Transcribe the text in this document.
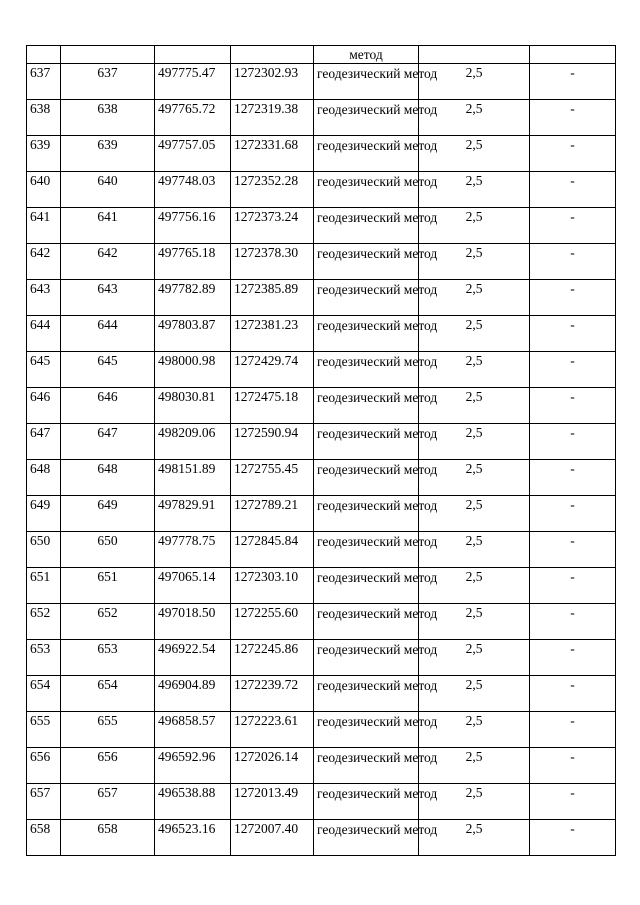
				метод		
637	637	497775.47	1272302.93	геодезический метод	2,5	-
638	638	497765.72	1272319.38	геодезический метод	2,5	-
639	639	497757.05	1272331.68	геодезический метод	2,5	-
640	640	497748.03	1272352.28	геодезический метод	2,5	-
641	641	497756.16	1272373.24	геодезический метод	2,5	-
642	642	497765.18	1272378.30	геодезический метод	2,5	-
643	643	497782.89	1272385.89	геодезический метод	2,5	-
644	644	497803.87	1272381.23	геодезический метод	2,5	-
645	645	498000.98	1272429.74	геодезический метод	2,5	-
646	646	498030.81	1272475.18	геодезический метод	2,5	-
647	647	498209.06	1272590.94	геодезический метод	2,5	-
648	648	498151.89	1272755.45	геодезический метод	2,5	-
649	649	497829.91	1272789.21	геодезический метод	2,5	-
650	650	497778.75	1272845.84	геодезический метод	2,5	-
651	651	497065.14	1272303.10	геодезический метод	2,5	-
652	652	497018.50	1272255.60	геодезический метод	2,5	-
653	653	496922.54	1272245.86	геодезический метод	2,5	-
654	654	496904.89	1272239.72	геодезический метод	2,5	-
655	655	496858.57	1272223.61	геодезический метод	2,5	-
656	656	496592.96	1272026.14	геодезический метод	2,5	-
657	657	496538.88	1272013.49	геодезический метод	2,5	-
658	658	496523.16	1272007.40	геодезический метод	2,5	-
